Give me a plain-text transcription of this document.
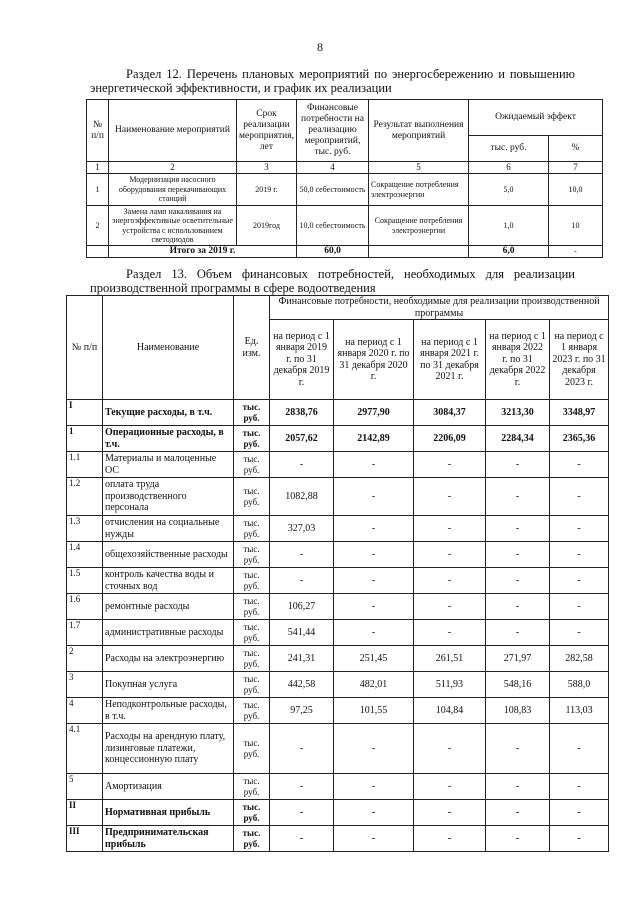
8
Раздел 12. Перечень плановых мероприятий по энергосбережению и повышению энергетической эффективности, и график их реализации
№ п/п	Наименование мероприятий	Срок реализации мероприятия, лет	Финансовые потребности на реализацию мероприятий, тыс. руб.	Результат выполнения мероприятий	Ожидаемый эффект	
					тыс. руб.	%
1	2	3	4	5	6	7
1	Модернизация насосного оборудования перекачивающих станций	2019 г.	50,0 себестоимость	Сокращение потребления электроэнергии	5,0	10,0
2	Замена ламп накаливания на энергоэффективные осветительные устройства с использованием светодиодов	2019год	10,0 себестоимость	Сокращение потребления электроэнергии	1,0	10
	Итого за 2019 г.		60,0		6,0	-
Раздел 13. Объем финансовых потребностей, необходимых для реализации производственной программы в сфере водоотведения
№ п/п	Наименование	Ед. изм.	Финансовые потребности, необходимые для реализации производственной программы				
			на период с 1 января 2019 г. по 31 декабря 2019 г.	на период с 1 января 2020 г. по 31 декабря 2020 г.	на период с 1 января 2021 г. по 31 декабря 2021 г.	на период с 1 января 2022 г. по 31 декабря 2022 г.	на период с 1 января 2023 г. по 31 декабря 2023 г.
I	Текущие расходы, в т.ч.	тыс. руб.	2838,76	2977,90	3084,37	3213,30	3348,97
1	Операционные расходы, в т.ч.	тыс. руб.	2057,62	2142,89	2206,09	2284,34	2365,36
1.1	Материалы и малоценные ОС	тыс. руб.	-	-	-	-	-
1.2	оплата труда производственного персонала	тыс. руб.	1082,88	-	-	-	-
1.3	отчисления на социальные нужды	тыс. руб.	327,03	-	-	-	-
1.4	общехозяйственные расходы	тыс. руб.	-	-	-	-	-
1.5	контроль качества воды и сточных вод	тыс. руб.	-	-	-	-	-
1.6	ремонтные расходы	тыс. руб.	106,27	-	-	-	-
1.7	административные расходы	тыс. руб.	541,44	-	-	-	-
2	Расходы на электроэнергию	тыс. руб.	241,31	251,45	261,51	271,97	282,58
3	Покупная услуга	тыс. руб.	442,58	482,01	511,93	548,16	588,0
4	Неподконтрольные расходы, в т.ч.	тыс. руб.	97,25	101,55	104,84	108,83	113,03
4.1	Расходы на арендную плату, лизинговые платежи, концессионную плату	тыс. руб.	-	-	-	-	-
5	Амортизация	тыс. руб.	-	-	-	-	-
II	Нормативная прибыль	тыс. руб.	-	-	-	-	-
III	Предпринимательская прибыль	тыс. руб.	-	-	-	-	-
